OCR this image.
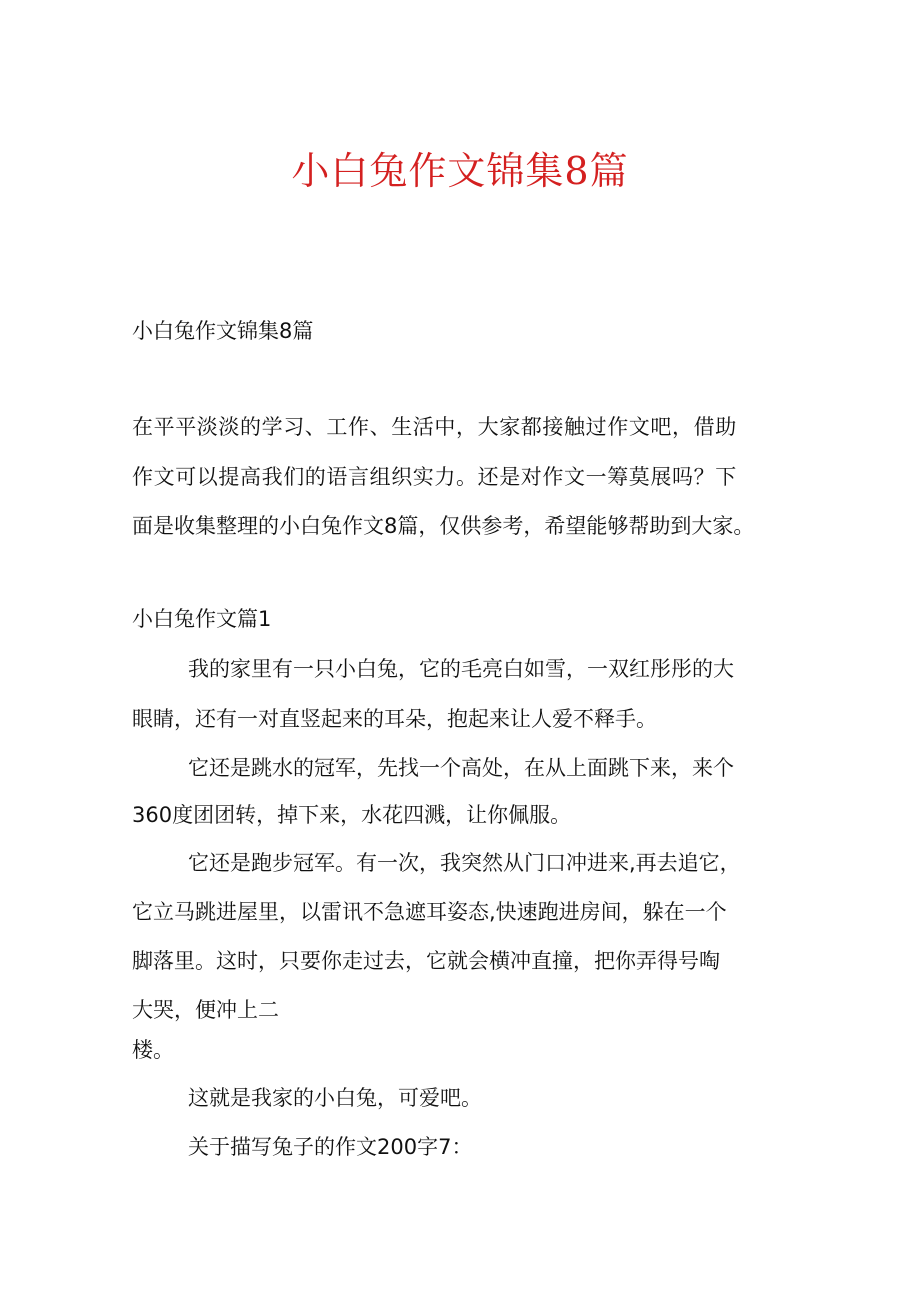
小白兔作文锦集8篇

小白兔作文锦集8篇

在平平淡淡的学习、工作、生活中，大家都接触过作文吧，借助

作文可以提高我们的语言组织实力。还是对作文一筹莫展吗？下

面是收集整理的小白兔作文8篇，仅供参考，希望能够帮助到大家。

小白兔作文篇1

我的家里有一只小白兔，它的毛亮白如雪，一双红彤彤的大

眼睛，还有一对直竖起来的耳朵，抱起来让人爱不释手。

它还是跳水的冠军，先找一个高处，在从上面跳下来，来个

360度团团转，掉下来，水花四溅，让你佩服。

它还是跑步冠军。有一次，我突然从门口冲进来,再去追它，

它立马跳进屋里，以雷讯不急遮耳姿态,快速跑进房间，躲在一个

脚落里。这时，只要你走过去，它就会横冲直撞，把你弄得号啕

大哭，便冲上二

楼。

这就是我家的小白兔，可爱吧。

关于描写兔子的作文200字7：
